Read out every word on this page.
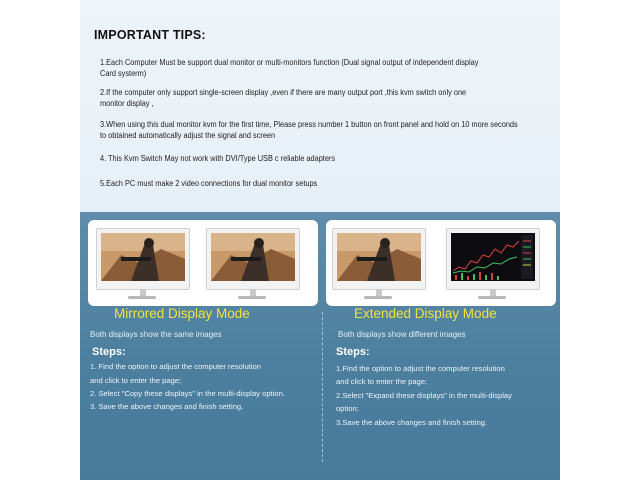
IMPORTANT TIPS:
1.Each Computer Must be support dual monitor or multi-monitors function (Dual signal output of independent display
Card systerm)
2.If the computer only support single-screen display ,even if there are many output port ,this kvm switch only one
monitor display ,
3.When using this dual monitor kvm for the first time, Please press number 1 button on front panel and hold on 10 more seconds
to obtained automatically adjust the signal and screen
4. This Kvm Switch May not work with DVI/Type USB c reliable adapters
5.Each PC must make 2 video connections for dual monitor setups
Mirrored Display Mode
Both displays show the same images
Steps:
1. Find the option to adjust the computer resolution
and click to enter the page;
2. Select "Copy these displays" in the multi-display option.
3. Save the above changes and finish setting.
Extended Display Mode
Both displays show different images
Steps:
1.Find the option to adjust the computer resolution
and click to enter the page;
2.Select "Expand these displays" in the multi-display
option;
3.Save the above changes and finish setting.
